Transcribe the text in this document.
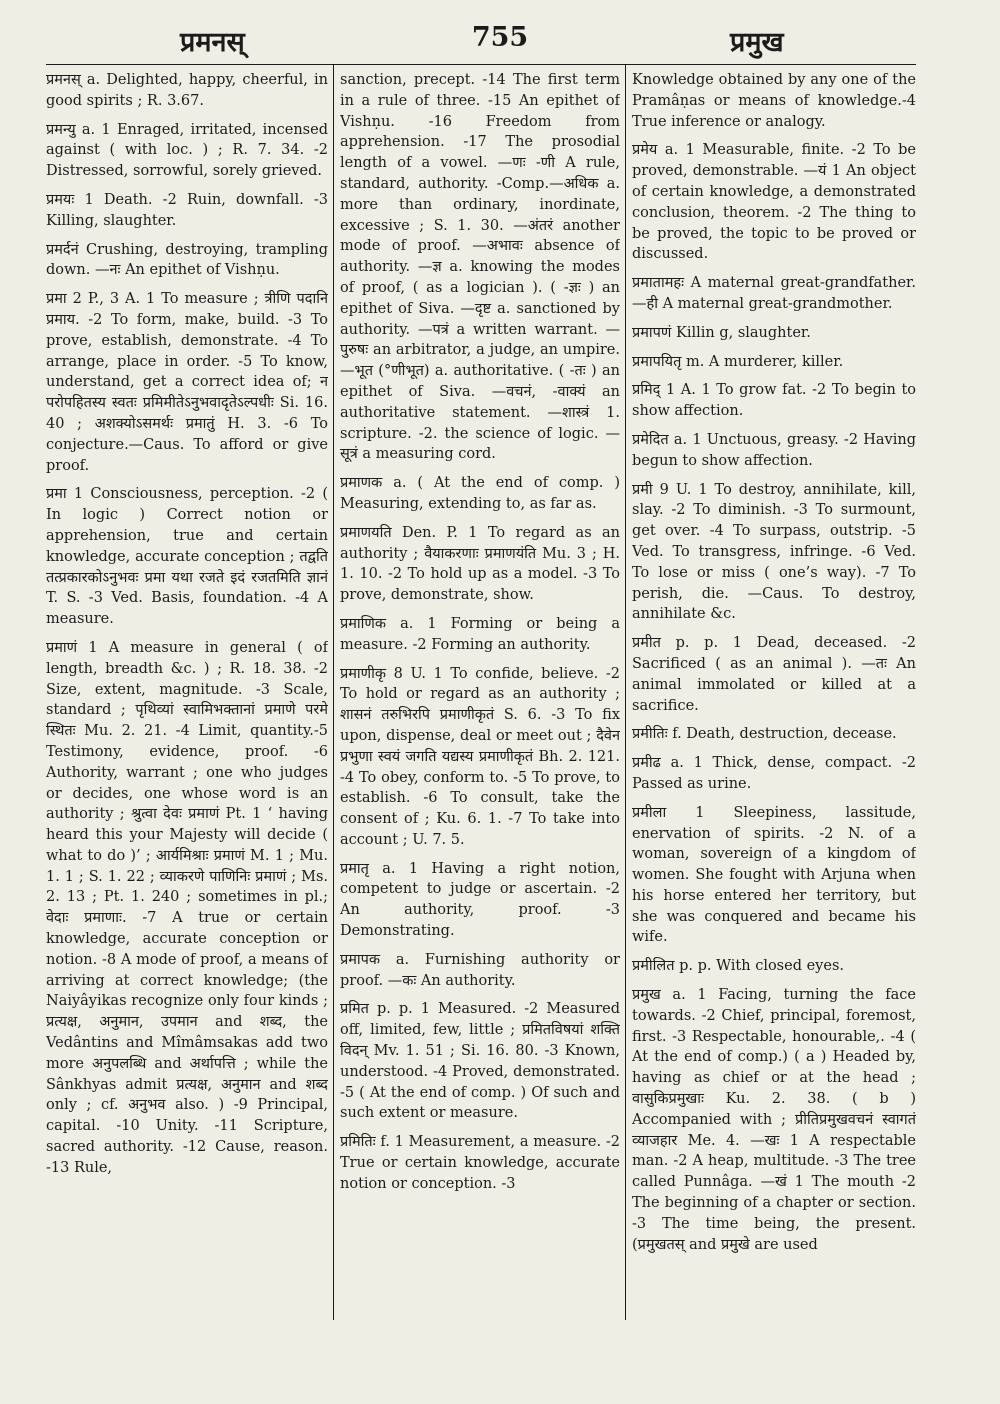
प्रमनस्	755	प्रमुख

प्रमनस् a. Delighted, happy, cheerful, in good spirits ; R. 3.67.

प्रमन्यु a. 1 Enraged, irritated, incensed against ( with loc. ) ; R. 7. 34. -2 Distressed, sorrowful, sorely grieved.

प्रमयः 1 Death. -2 Ruin, downfall. -3 Killing, slaughter.

प्रमर्दनं Crushing, destroying, trampling down. —नः An epithet of Vishṇu.

प्रमा 2 P., 3 A. 1 To measure ; त्रीणि पदानि प्रमाय. -2 To form, make, build. -3 To prove, establish, demonstrate. -4 To arrange, place in order. -5 To know, understand, get a correct idea of; न परोपहितस्य स्वतः प्रमिमीतेऽनुभवादृतेऽल्पधीः Si. 16. 40 ; अशक्योऽसमर्थः प्रमातुं H. 3. -6 To conjecture.—Caus. To afford or give proof.

प्रमा 1 Consciousness, perception. -2 ( In logic ) Correct notion or apprehension, true and certain knowledge, accurate conception ; तद्वति तत्प्रकारकोऽनुभवः प्रमा यथा रजते इदं रजतमिति ज्ञानं T. S. -3 Ved. Basis, foundation. -4 A measure.

प्रमाणं 1 A measure in general ( of length, breadth &c. ) ; R. 18. 38. -2 Size, extent, magnitude. -3 Scale, standard ; पृथिव्यां स्वामिभक्तानां प्रमाणे परमे स्थितः Mu. 2. 21. -4 Limit, quantity.-5 Testimony, evidence, proof. -6 Authority, warrant ; one who judges or decides, one whose word is an authority ; श्रुत्वा देवः प्रमाणं Pt. 1 ‘ having heard this your Majesty will decide ( what to do )’ ; आर्यमिश्राः प्रमाणं M. 1 ; Mu. 1. 1 ; S. 1. 22 ; व्याकरणे पाणिनिः प्रमाणं ; Ms. 2. 13 ; Pt. 1. 240 ; sometimes in pl.; वेदाः प्रमाणाः. -7 A true or certain knowledge, accurate conception or notion. -8 A mode of proof, a means of arriving at correct knowledge; (the Naiyâyikas recognize only four kinds ; प्रत्यक्ष, अनुमान, उपमान and शब्द, the Vedântins and Mîmâmsakas add two more अनुपलब्धि and अर्थापत्ति ; while the Sânkhyas admit प्रत्यक्ष, अनुमान and शब्द only ; cf. अनुभव also. ) -9 Principal, capital. -10 Unity. -11 Scripture, sacred authority. -12 Cause, reason. -13 Rule,

sanction, precept. -14 The first term in a rule of three. -15 An epithet of Vishṇu. -16 Freedom from apprehension. -17 The prosodial length of a vowel. —णः -णी A rule, standard, authority. -Comp.—अधिक a. more than ordinary, inordinate, excessive ; S. 1. 30. —अंतरं another mode of proof. —अभावः absence of authority. —ज्ञ a. knowing the modes of proof, ( as a logician ). ( -ज्ञः ) an epithet of Siva. —दृष्ट a. sanctioned by authority. —पत्रं a written warrant. —पुरुषः an arbitrator, a judge, an umpire. —भूत (°णीभूत) a. authoritative. ( -तः ) an epithet of Siva. —वचनं, -वाक्यं an authoritative statement. —शास्त्रं 1. scripture. -2. the science of logic. —सूत्रं a measuring cord.

प्रमाणक a. ( At the end of comp. ) Measuring, extending to, as far as.

प्रमाणयति Den. P. 1 To regard as an authority ; वैयाकरणाः प्रमाणयंति Mu. 3 ; H. 1. 10. -2 To hold up as a model. -3 To prove, demonstrate, show.

प्रमाणिक a. 1 Forming or being a measure. -2 Forming an authority.

प्रमाणीकृ 8 U. 1 To confide, believe. -2 To hold or regard as an authority ; शासनं तरुभिरपि प्रमाणीकृतं S. 6. -3 To fix upon, dispense, deal or meet out ; दैवेन प्रभुणा स्वयं जगति यद्यस्य प्रमाणीकृतं Bh. 2. 121. -4 To obey, conform to. -5 To prove, to establish. -6 To consult, take the consent of ; Ku. 6. 1. -7 To take into account ; U. 7. 5.

प्रमातृ a. 1 Having a right notion, competent to judge or ascertain. -2 An authority, proof. -3 Demonstrating.

प्रमापक a. Furnishing authority or proof. —कः An authority.

प्रमित p. p. 1 Measured. -2 Measured off, limited, few, little ; प्रमितविषयां शक्ति विदन् Mv. 1. 51 ; Si. 16. 80. -3 Known, understood. -4 Proved, demonstrated. -5 ( At the end of comp. ) Of such and such extent or measure.

प्रमितिः f. 1 Measurement, a measure. -2 True or certain knowledge, accurate notion or conception. -3

Knowledge obtained by any one of the Pramâṇas or means of knowledge.-4 True inference or analogy.

प्रमेय a. 1 Measurable, finite. -2 To be proved, demonstrable. —यं 1 An object of certain knowledge, a demonstrated conclusion, theorem. -2 The thing to be proved, the topic to be proved or discussed.

प्रमातामहः A maternal great-grandfather. —ही A maternal great-grandmother.

प्रमापणं Killin g, slaughter.

प्रमापयितृ m. A murderer, killer.

प्रमिद् 1 A. 1 To grow fat. -2 To begin to show affection.

प्रमेदित a. 1 Unctuous, greasy. -2 Having begun to show affection.

प्रमी 9 U. 1 To destroy, annihilate, kill, slay. -2 To diminish. -3 To surmount, get over. -4 To surpass, outstrip. -5 Ved. To transgress, infringe. -6 Ved. To lose or miss ( one’s way). -7 To perish, die. —Caus. To destroy, annihilate &c.

प्रमीत p. p. 1 Dead, deceased. -2 Sacrificed ( as an animal ). —तः An animal immolated or killed at a sacrifice.

प्रमीतिः f. Death, destruction, decease.

प्रमीढ a. 1 Thick, dense, compact. -2 Passed as urine.

प्रमीला 1 Sleepiness, lassitude, enervation of spirits. -2 N. of a woman, sovereign of a kingdom of women. She fought with Arjuna when his horse entered her territory, but she was conquered and became his wife.

प्रमीलित p. p. With closed eyes.

प्रमुख a. 1 Facing, turning the face towards. -2 Chief, principal, foremost, first. -3 Respectable, honourable,. -4 ( At the end of comp.) ( a ) Headed by, having as chief or at the head ; वासुकिप्रमुखाः Ku. 2. 38. ( b ) Accompanied with ; प्रीतिप्रमुखवचनं स्वागतं व्याजहार Me. 4. —खः 1 A respectable man. -2 A heap, multitude. -3 The tree called Punnâga. —खं 1 The mouth -2 The beginning of a chapter or section. -3 The time being, the present. (प्रमुखतस् and प्रमुखे are used
